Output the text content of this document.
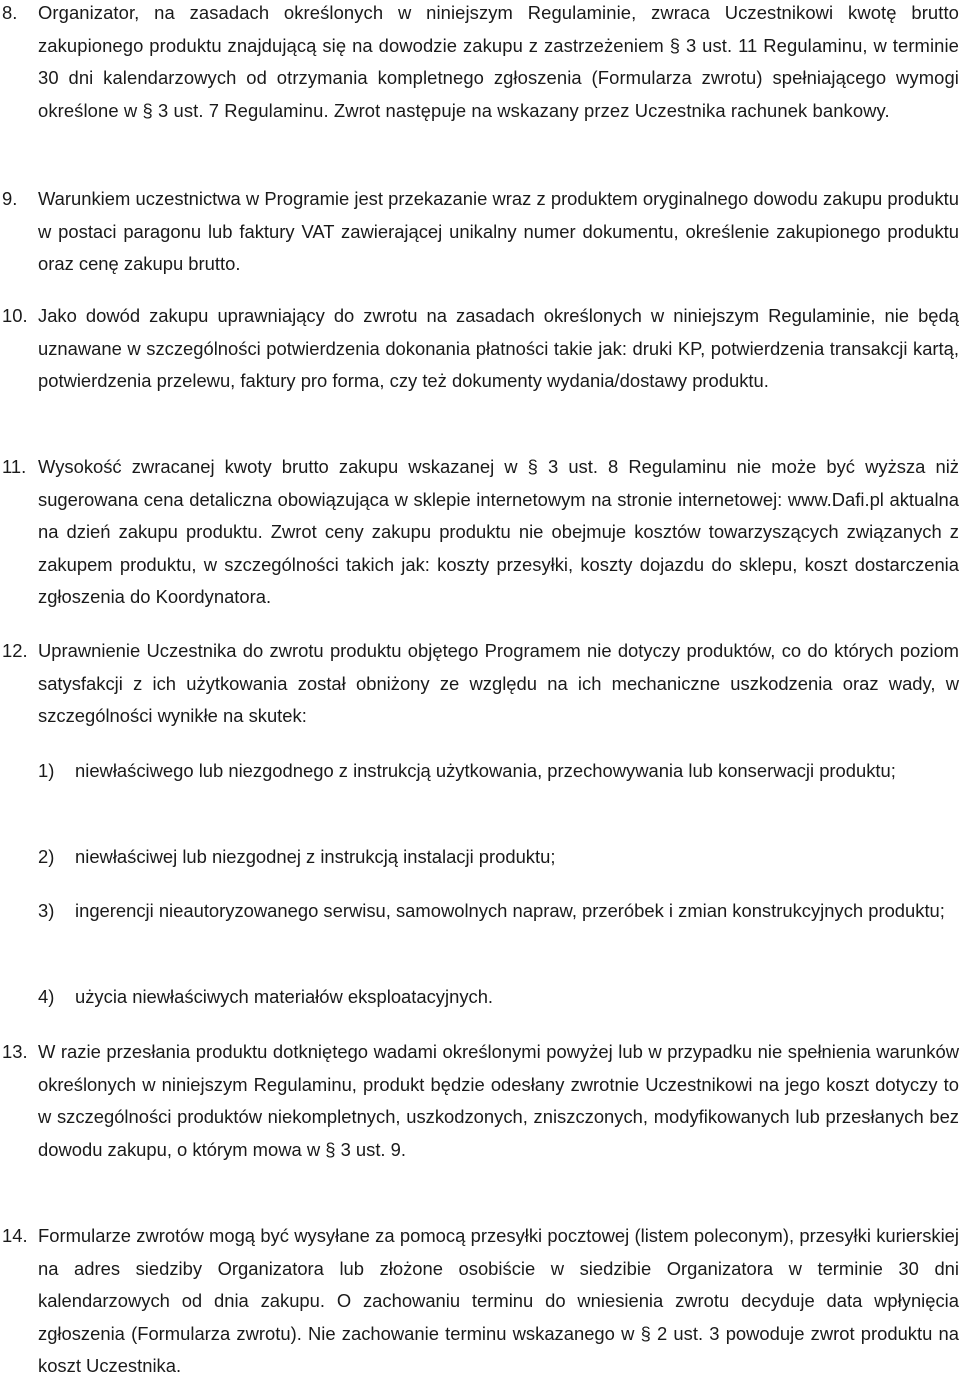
8. Organizator, na zasadach określonych w niniejszym Regulaminie, zwraca Uczestnikowi kwotę brutto zakupionego produktu znajdującą się na dowodzie zakupu z zastrzeżeniem § 3 ust. 11 Regulaminu, w terminie 30 dni kalendarzowych od otrzymania kompletnego zgłoszenia (Formularza zwrotu) spełniającego wymogi określone w § 3 ust. 7 Regulaminu. Zwrot następuje na wskazany przez Uczestnika rachunek bankowy.
9. Warunkiem uczestnictwa w Programie jest przekazanie wraz z produktem oryginalnego dowodu zakupu produktu w postaci paragonu lub faktury VAT zawierającej unikalny numer dokumentu, określenie zakupionego produktu oraz cenę zakupu brutto.
10. Jako dowód zakupu uprawniający do zwrotu na zasadach określonych w niniejszym Regulaminie, nie będą uznawane w szczególności potwierdzenia dokonania płatności takie jak: druki KP, potwierdzenia transakcji kartą, potwierdzenia przelewu, faktury pro forma, czy też dokumenty wydania/dostawy produktu.
11. Wysokość zwracanej kwoty brutto zakupu wskazanej w § 3 ust. 8 Regulaminu nie może być wyższa niż sugerowana cena detaliczna obowiązująca w sklepie internetowym na stronie internetowej: www.Dafi.pl aktualna na dzień zakupu produktu. Zwrot ceny zakupu produktu nie obejmuje kosztów towarzyszących związanych z zakupem produktu, w szczególności takich jak: koszty przesyłki, koszty dojazdu do sklepu, koszt dostarczenia zgłoszenia do Koordynatora.
12. Uprawnienie Uczestnika do zwrotu produktu objętego Programem nie dotyczy produktów, co do których poziom satysfakcji z ich użytkowania został obniżony ze względu na ich mechaniczne uszkodzenia oraz wady, w szczególności wynikłe na skutek:
1) niewłaściwego lub niezgodnego z instrukcją użytkowania, przechowywania lub konserwacji produktu;
2) niewłaściwej lub niezgodnej z instrukcją instalacji produktu;
3) ingerencji nieautoryzowanego serwisu, samowolnych napraw, przeróbek i zmian konstrukcyjnych produktu;
4) użycia niewłaściwych materiałów eksploatacyjnych.
13. W razie przesłania produktu dotkniętego wadami określonymi powyżej lub w przypadku nie spełnienia warunków określonych w niniejszym Regulaminu, produkt będzie odesłany zwrotnie Uczestnikowi na jego koszt dotyczy to w szczególności produktów niekompletnych, uszkodzonych, zniszczonych, modyfikowanych lub przesłanych bez dowodu zakupu, o którym mowa w § 3 ust. 9.
14. Formularze zwrotów mogą być wysyłane za pomocą przesyłki pocztowej (listem poleconym), przesyłki kurierskiej na adres siedziby Organizatora lub złożone osobiście w siedzibie Organizatora w terminie 30 dni kalendarzowych od dnia zakupu. O zachowaniu terminu do wniesienia zwrotu decyduje data wpłynięcia zgłoszenia (Formularza zwrotu). Nie zachowanie terminu wskazanego w § 2 ust. 3 powoduje zwrot produktu na koszt Uczestnika.
